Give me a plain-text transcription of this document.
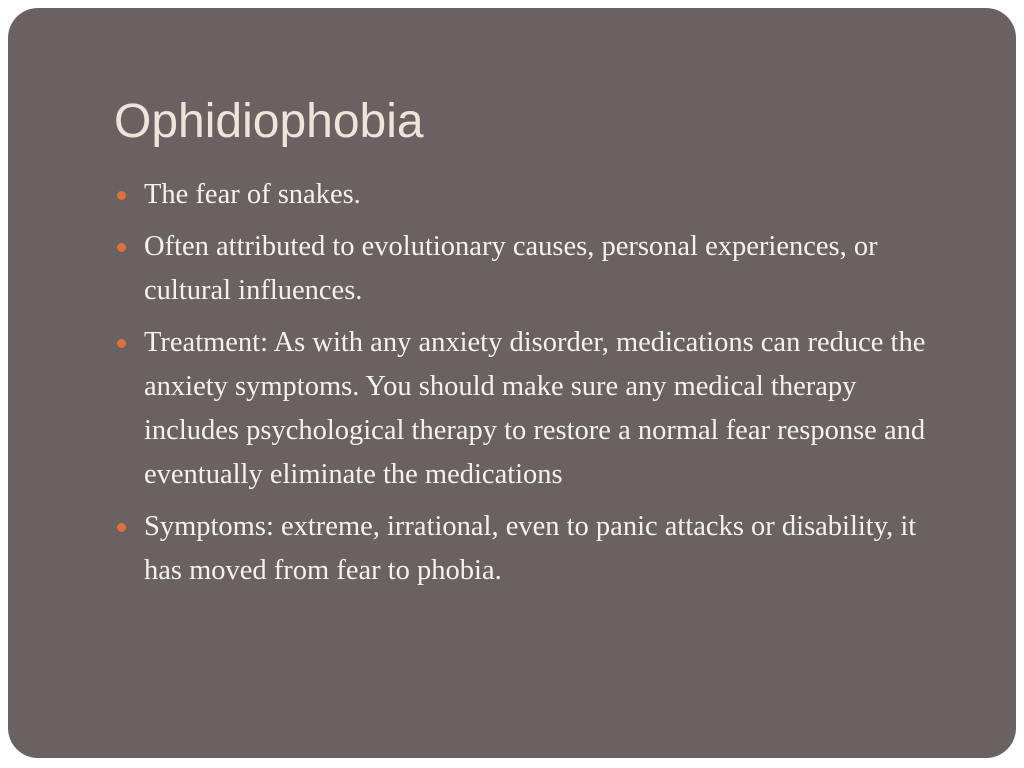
Ophidiophobia
The fear of snakes.
Often attributed to evolutionary causes, personal experiences, or cultural influences.
Treatment: As with any anxiety disorder, medications can reduce the anxiety symptoms. You should make sure any medical therapy includes psychological therapy to restore a normal fear response and eventually eliminate the medications
Symptoms: extreme, irrational, even to panic attacks or disability, it has moved from fear to phobia.
